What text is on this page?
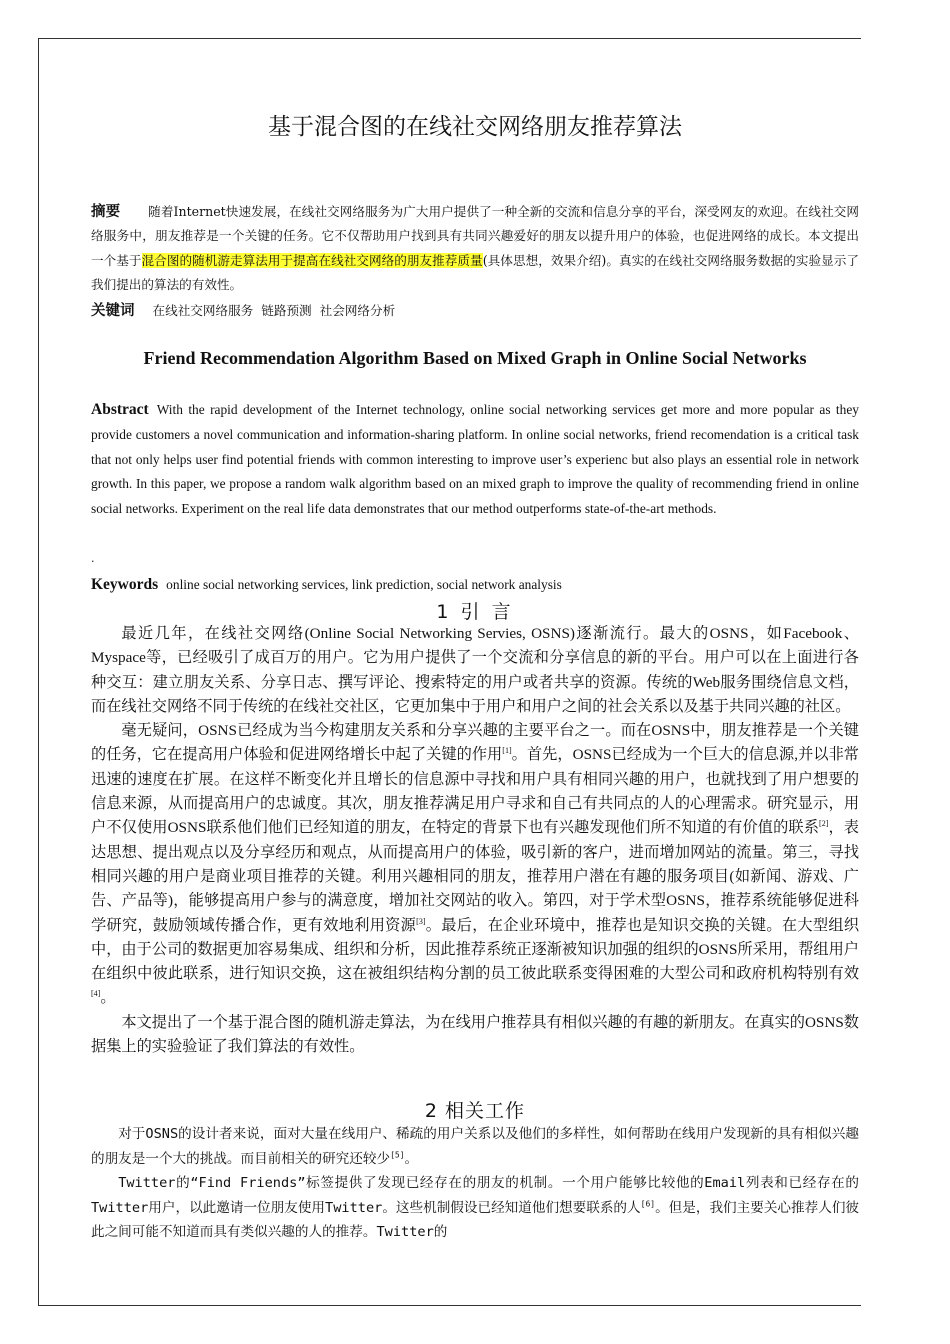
基于混合图的在线社交网络朋友推荐算法
摘要 随着Internet快速发展，在线社交网络服务为广大用户提供了一种全新的交流和信息分享的平台，深受网友的欢迎。在线社交网络服务中，朋友推荐是一个关键的任务。它不仅帮助用户找到具有共同兴趣爱好的朋友以提升用户的体验，也促进网络的成长。本文提出一个基于混合图的随机游走算法用于提高在线社交网络的朋友推荐质量(具体思想，效果介绍)。真实的在线社交网络服务数据的实验显示了我们提出的算法的有效性。
关键词 在线社交网络服务  链路预测  社会网络分析
Friend Recommendation Algorithm Based on Mixed Graph in Online Social Networks
Abstract With the rapid development of the Internet technology, online social networking services get more and more popular as they provide customers a novel communication and information-sharing platform. In online social networks, friend recomendation is a critical task that not only helps user find potential friends with common interesting to improve user’s experienc but also plays an essential role in network growth. In this paper, we propose a random walk algorithm based on an mixed graph to improve the quality of recommending friend in online social networks. Experiment on the real life data demonstrates that our method outperforms state-of-the-art methods.
.
Keywords online social networking services, link prediction, social network analysis
1 引 言

最近几年，在线社交网络(Online Social Networking Servies, OSNS)逐渐流行。最大的OSNS，如Facebook、Myspace等，已经吸引了成百万的用户。它为用户提供了一个交流和分享信息的新的平台。用户可以在上面进行各种交互：建立朋友关系、分享日志、撰写评论、搜索特定的用户或者共享的资源。传统的Web服务围绕信息文档，而在线社交网络不同于传统的在线社交社区，它更加集中于用户和用户之间的社会关系以及基于共同兴趣的社区。

毫无疑问，OSNS已经成为当今构建朋友关系和分享兴趣的主要平台之一。而在OSNS中，朋友推荐是一个关键的任务，它在提高用户体验和促进网络增长中起了关键的作用[1]。首先，OSNS已经成为一个巨大的信息源,并以非常迅速的速度在扩展。在这样不断变化并且增长的信息源中寻找和用户具有相同兴趣的用户，也就找到了用户想要的信息来源，从而提高用户的忠诚度。其次，朋友推荐满足用户寻求和自己有共同点的人的心理需求。研究显示，用户不仅使用OSNS联系他们他们已经知道的朋友，在特定的背景下也有兴趣发现他们所不知道的有价值的联系[2]，表达思想、提出观点以及分享经历和观点，从而提高用户的体验，吸引新的客户，进而增加网站的流量。第三，寻找相同兴趣的用户是商业项目推荐的关键。利用兴趣相同的朋友，推荐用户潜在有趣的服务项目(如新闻、游戏、广告、产品等)，能够提高用户参与的满意度，增加社交网站的收入。第四，对于学术型OSNS，推荐系统能够促进科学研究，鼓励领域传播合作，更有效地利用资源[3]。最后，在企业环境中，推荐也是知识交换的关键。在大型组织中，由于公司的数据更加容易集成、组织和分析，因此推荐系统正逐渐被知识加强的组织的OSNS所采用，帮组用户在组织中彼此联系，进行知识交换，这在被组织结构分割的员工彼此联系变得困难的大型公司和政府机构特别有效[4]。

本文提出了一个基于混合图的随机游走算法，为在线用户推荐具有相似兴趣的有趣的新朋友。在真实的OSNS数据集上的实验验证了我们算法的有效性。

2 相关工作

对于OSNS的设计者来说，面对大量在线用户、稀疏的用户关系以及他们的多样性，如何帮助在线用户发现新的具有相似兴趣的朋友是一个大的挑战。而目前相关的研究还较少[5]。

Twitter的“Find Friends”标签提供了发现已经存在的朋友的机制。一个用户能够比较他的Email列表和已经存在的Twitter用户，以此邀请一位朋友使用Twitter。这些机制假设已经知道他们想要联系的人[6]。但是，我们主要关心推荐人们彼此之间可能不知道而具有类似兴趣的人的推荐。Twitter的
